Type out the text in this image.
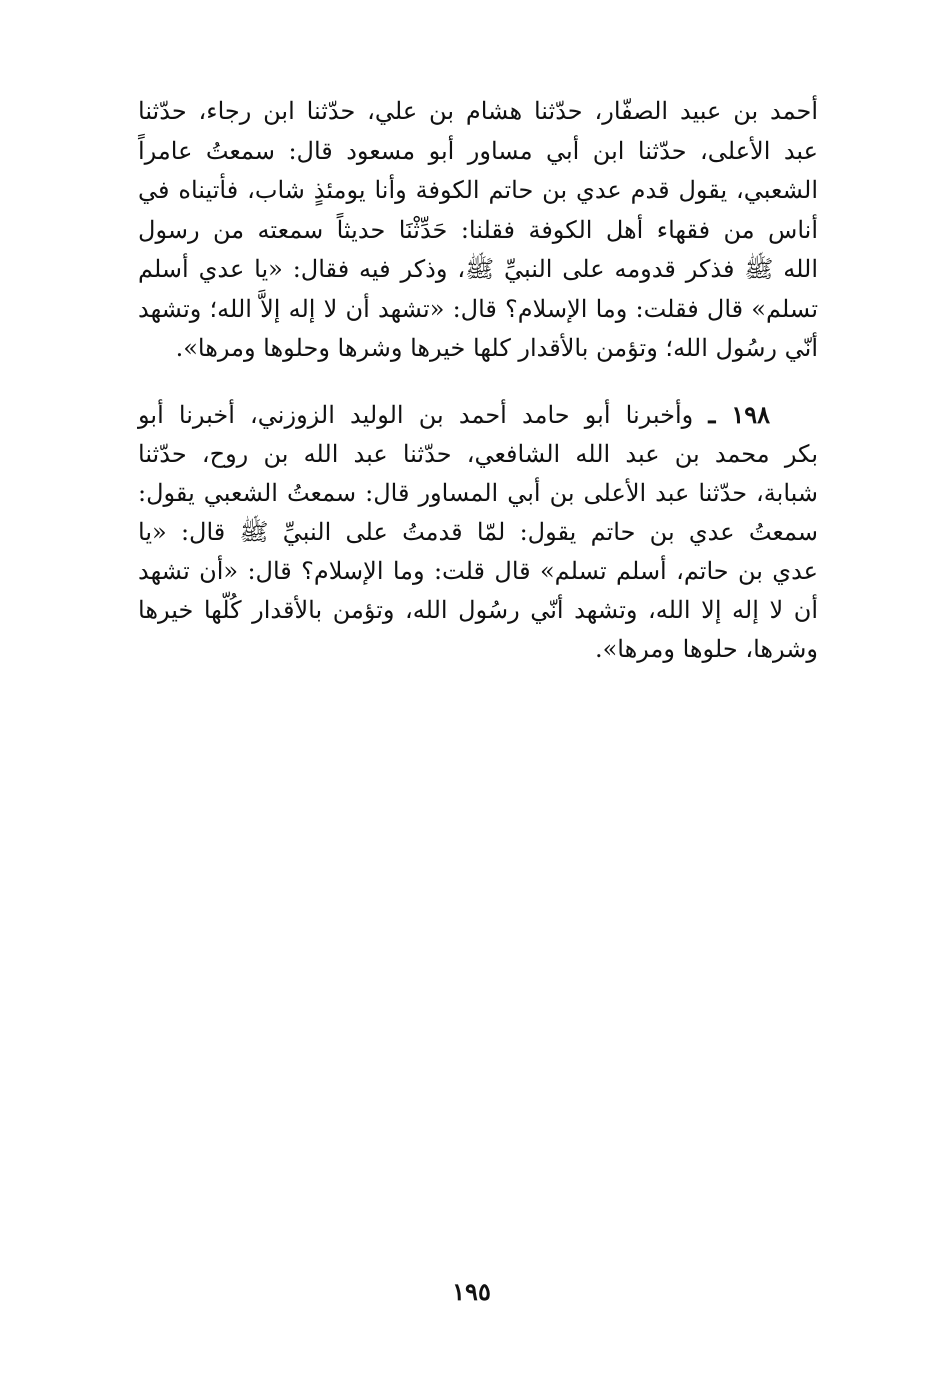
أحمد بن عبيد الصفّار، حدّثنا هشام بن علي، حدّثنا ابن رجاء، حدّثنا
عبد الأعلى، حدّثنا ابن أبي مساور أبو مسعود قال: سمعتُ عامراً
الشعبي، يقول قدم عدي بن حاتم الكوفة وأنا يومئذٍ شاب، فأتيناه في
أناس من فقهاء أهل الكوفة فقلنا: حَدِّثْنَا حديثاً سمعته من رسول
الله ﷺ فذكر قدومه على النبيِّ ﷺ، وذكر فيه فقال: «يا عدي أسلم
تسلم» قال فقلت: وما الإسلام؟ قال: «تشهد أن لا إله إلاَّ الله؛ وتشهد
أنّي رسُول الله؛ وتؤمن بالأقدار كلها خيرها وشرها وحلوها ومرها».
  ١٩٨ ـ وأخبرنا أبو حامد أحمد بن الوليد الزوزني، أخبرنا أبو
بكر محمد بن عبد الله الشافعي، حدّثنا عبد الله بن روح، حدّثنا
شبابة، حدّثنا عبد الأعلى بن أبي المساور قال: سمعتُ الشعبي يقول:
سمعتُ عدي بن حاتم يقول: لمّا قدمتُ على النبيِّ ﷺ قال: «يا
عدي بن حاتم، أسلم تسلم» قال قلت: وما الإسلام؟ قال: «أن تشهد
أن لا إله إلا الله، وتشهد أنّي رسُول الله، وتؤمن بالأقدار كُلّها خيرها
وشرها، حلوها ومرها».
١٩٥
